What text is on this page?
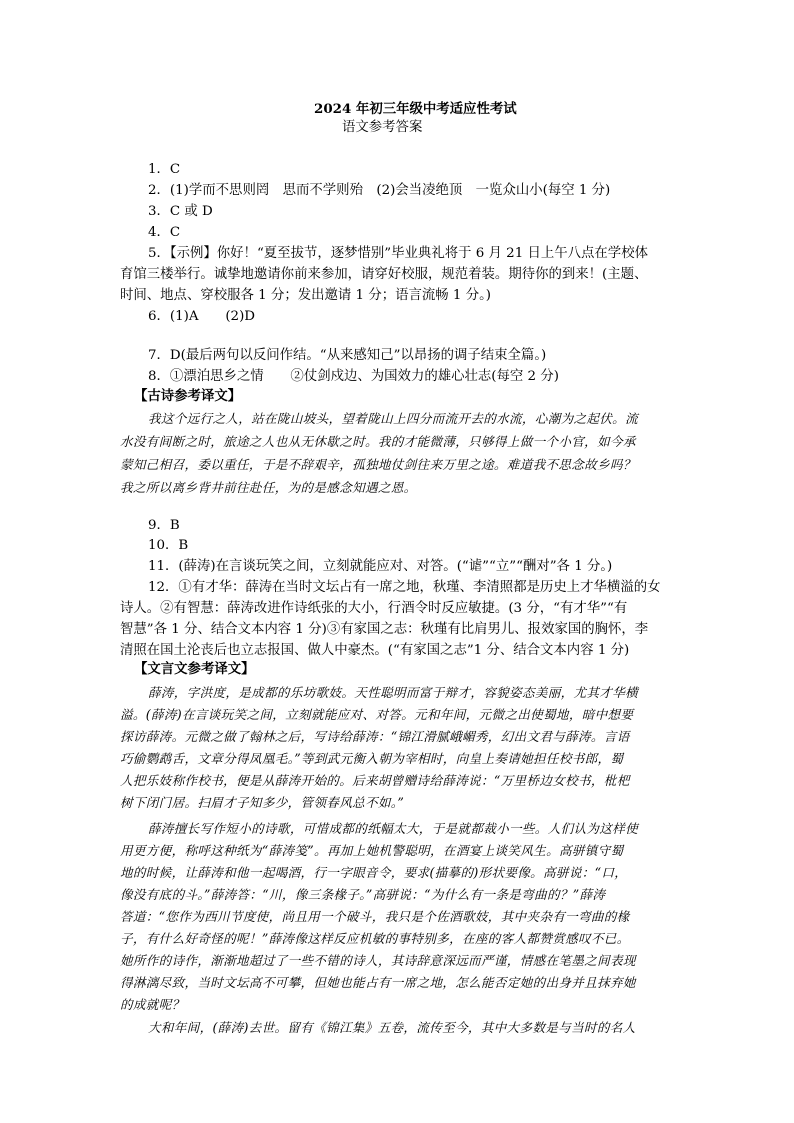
2024 年初三年级中考适应性考试
语文参考答案
1．C
2．(1)学而不思则罔　思而不学则殆　(2)会当凌绝顶　一览众山小(每空 1 分)
3．C 或 D
4．C
5．【示例】你好！“夏至拔节，逐梦惜别”毕业典礼将于 6 月 21 日上午八点在学校体
育馆三楼举行。诚挚地邀请你前来参加，请穿好校服，规范着装。期待你的到来！(主题、
时间、地点、穿校服各 1 分；发出邀请 1 分；语言流畅 1 分。)
6．(1)A　　(2)D
7．D(最后两句以反问作结。“从来感知己”以昂扬的调子结束全篇。)
8．①漂泊思乡之情　　②仗剑戍边、为国效力的雄心壮志(每空 2 分)
【古诗参考译文】
我这个远行之人，站在陇山坡头，望着陇山上四分而流开去的水流，心潮为之起伏。流
水没有间断之时，旅途之人也从无休歇之时。我的才能微薄，只够得上做一个小官，如今承
蒙知己相召，委以重任，于是不辞艰辛，孤独地仗剑往来万里之途。难道我不思念故乡吗？
我之所以离乡背井前往赴任，为的是感念知遇之恩。
9．B
10．B
11．(薛涛)在言谈玩笑之间，立刻就能应对、对答。(“谑”“立”“酬对”各 1 分。)
12．①有才华：薛涛在当时文坛占有一席之地，秋瑾、李清照都是历史上才华横溢的女
诗人。②有智慧：薛涛改进作诗纸张的大小，行酒令时反应敏捷。(3 分，“有才华”“有
智慧”各 1 分、结合文本内容 1 分)③有家国之志：秋瑾有比肩男儿、报效家国的胸怀，李
清照在国土沦丧后也立志报国、做人中豪杰。(“有家国之志”1 分、结合文本内容 1 分)
【文言文参考译文】
薛涛，字洪度，是成都的乐坊歌妓。天性聪明而富于辩才，容貌姿态美丽，尤其才华横
溢。(薛涛)在言谈玩笑之间，立刻就能应对、对答。元和年间，元微之出使蜀地，暗中想要
探访薛涛。元微之做了翰林之后，写诗给薛涛：“锦江滑腻峨嵋秀，幻出文君与薛涛。言语
巧偷鹦鹉舌，文章分得凤凰毛。”等到武元衡入朝为宰相时，向皇上奏请她担任校书郎，蜀
人把乐妓称作校书，便是从薛涛开始的。后来胡曾赠诗给薛涛说：“万里桥边女校书，枇杷
树下闭门居。扫眉才子知多少，管领春风总不如。”
薛涛擅长写作短小的诗歌，可惜成都的纸幅太大，于是就都裁小一些。人们认为这样使
用更方便，称呼这种纸为“薛涛笺”。再加上她机警聪明，在酒宴上谈笑风生。高骈镇守蜀
地的时候，让薛涛和他一起喝酒，行一字眼音令，要求(描摹的)形状要像。高骈说：“口，
像没有底的斗。”薛涛答：“川，像三条椽子。”高骈说：“为什么有一条是弯曲的？”薛涛
答道：“您作为西川节度使，尚且用一个破斗，我只是个佐酒歌妓，其中夹杂有一弯曲的椽
子，有什么好奇怪的呢！”薛涛像这样反应机敏的事特别多，在座的客人都赞赏感叹不已。
她所作的诗作，渐渐地超过了一些不错的诗人，其诗辞意深远而严谨，情感在笔墨之间表现
得淋漓尽致，当时文坛高不可攀，但她也能占有一席之地，怎么能否定她的出身并且抹弃她
的成就呢？
大和年间，(薛涛)去世。留有《锦江集》五卷，流传至今，其中大多数是与当时的名人
